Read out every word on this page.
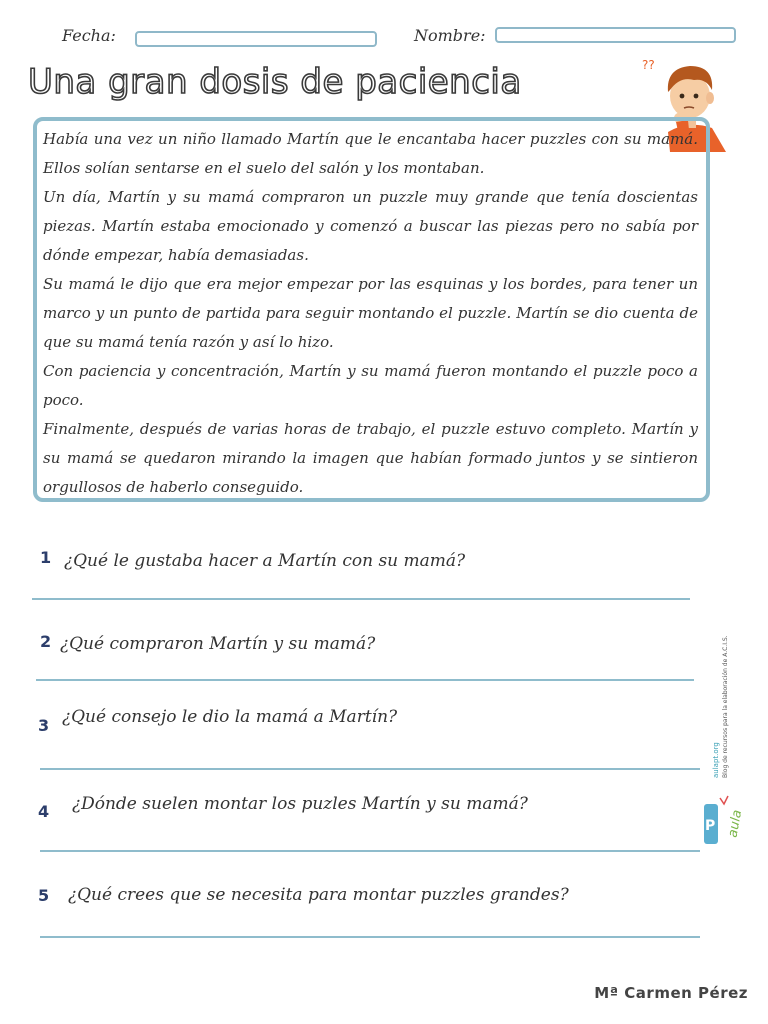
Fecha:	Nombre:
Una gran dosis de paciencia	??

Había una vez un niño llamado Martín que le encantaba hacer puzzles con su mamá. Ellos solían sentarse en el suelo del salón y los montaban.

Un día, Martín y su mamá compraron un puzzle muy grande que tenía doscientas piezas. Martín estaba emocionado y comenzó a buscar las piezas pero no sabía por dónde empezar, había demasiadas.

Su mamá le dijo que era mejor empezar por las esquinas y los bordes, para tener un marco y un punto de partida para seguir montando el puzzle. Martín se dio cuenta de que su mamá tenía razón y así lo hizo.

Con paciencia y concentración, Martín y su mamá fueron montando el puzzle poco a poco.

Finalmente, después de varias horas de trabajo, el puzzle estuvo completo. Martín y su mamá se quedaron mirando la imagen que habían formado juntos y se sintieron orgullosos de haberlo conseguido.

1 ¿Qué le gustaba hacer a Martín con su mamá?
2 ¿Qué compraron Martín y su mamá?
3 ¿Qué consejo le dio la mamá a Martín?
4 ¿Dónde suelen montar los puzles Martín y su mamá?
5 ¿Qué crees que se necesita para montar puzzles grandes?
aulapt.org Blog de recursos para la elaboración de A.C.I.S.
P aula
Mª Carmen Pérez
